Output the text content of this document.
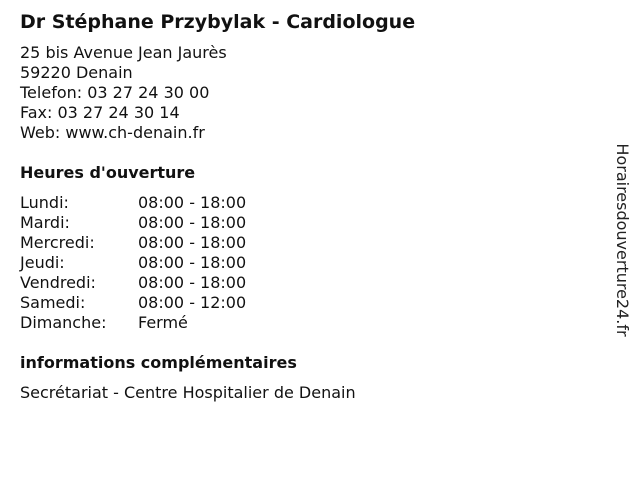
Dr Stéphane Przybylak - Cardiologue
25 bis Avenue Jean Jaurès
59220 Denain
Telefon: 03 27 24 30 00
Fax: 03 27 24 30 14
Web: www.ch-denain.fr
Heures d'ouverture
Lundi:	08:00 - 18:00
Mardi:	08:00 - 18:00
Mercredi:	08:00 - 18:00
Jeudi:	08:00 - 18:00
Vendredi:	08:00 - 18:00
Samedi:	08:00 - 12:00
Dimanche:	Fermé
informations complémentaires
Secrétariat - Centre Hospitalier de Denain
Horairesdouverture24.fr
